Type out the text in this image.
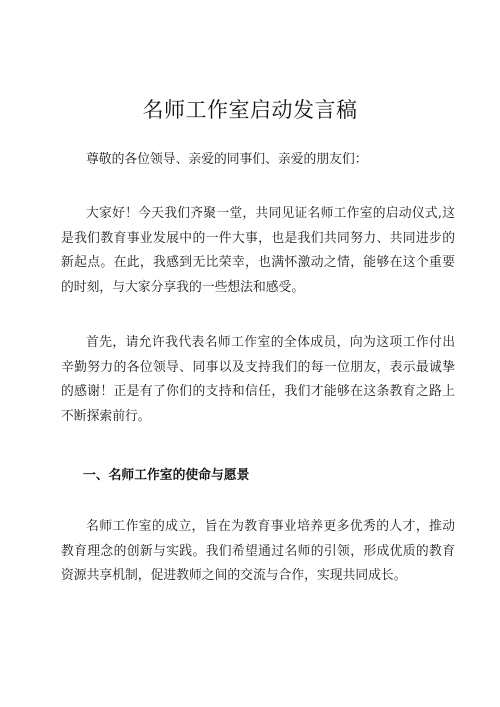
名师工作室启动发言稿

尊敬的各位领导、亲爱的同事们、亲爱的朋友们：

大家好！今天我们齐聚一堂，共同见证名师工作室的启动仪式,这是我们教育事业发展中的一件大事，也是我们共同努力、共同进步的新起点。在此，我感到无比荣幸，也满怀激动之情，能够在这个重要的时刻，与大家分享我的一些想法和感受。

首先，请允许我代表名师工作室的全体成员，向为这项工作付出辛勤努力的各位领导、同事以及支持我们的每一位朋友，表示最诚挚的感谢！正是有了你们的支持和信任，我们才能够在这条教育之路上不断探索前行。

一、名师工作室的使命与愿景

名师工作室的成立，旨在为教育事业培养更多优秀的人才，推动教育理念的创新与实践。我们希望通过名师的引领，形成优质的教育资源共享机制，促进教师之间的交流与合作，实现共同成长。
